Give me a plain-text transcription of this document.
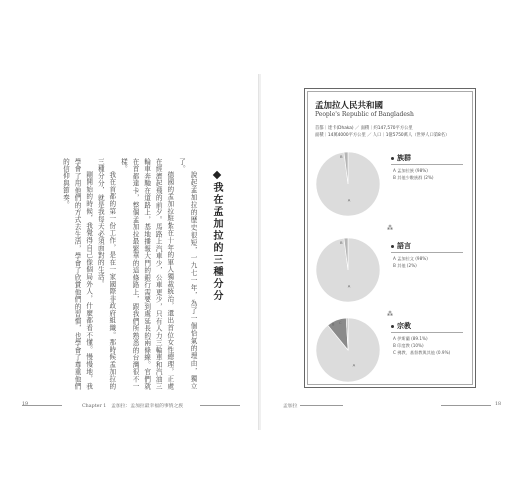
說起孟加拉的歷史很短，一九七一年，為了一個恰氣的理由，獨立了。

德國的孟加拉駐紮在十年的軍人獨裁統治，還出首位女性總理，正處在經濟起飛的前夕。馬路上汽車少，公車更少，只有人力三輪車和汽油三輪車奔馳在道路上，基地播報大門的銀行需要到處延長的兩條線。官們就在首都達卡，整個孟加拉最繁華的這條路上，跟我們所熟悉的台灣很不一樣。

我在首都的第一份工作，是在一家國際非政府組織。那時候孟加拉的三種分分，就是我每天必須面對的生活。

剛開始的時候，我覺得自己像個局外人，什麼都看不懂。慢慢地，我學會了用他們的方式去生活，學會了欣賞他們的習慣，也學會了尊重他們的信仰與節奏。	我在孟加拉的三種分分
19	Chapter 1　孟加拉：孟加拉最幸福的事情之族
孟加拉人民共和國
People's Republic of Bangladesh
首都｜達卡(Dhaka) ／ 面積｜約147,570平方公里
面積｜14萬4000平方公里 ／ 人口｜1億5750萬人（世界人口第8名）
A
B	族群
A 孟加拉族 (98%)
B 其他少數族群 (2%)
⁂
A
B	語言
A 孟加拉文 (98%)
B 其他 (2%)
⁂
A
B C	宗教
A 伊斯蘭 (89.1%)
B 印度教 (10%)
C 佛教、基督教與其他 (0.9%)
孟加拉	18
